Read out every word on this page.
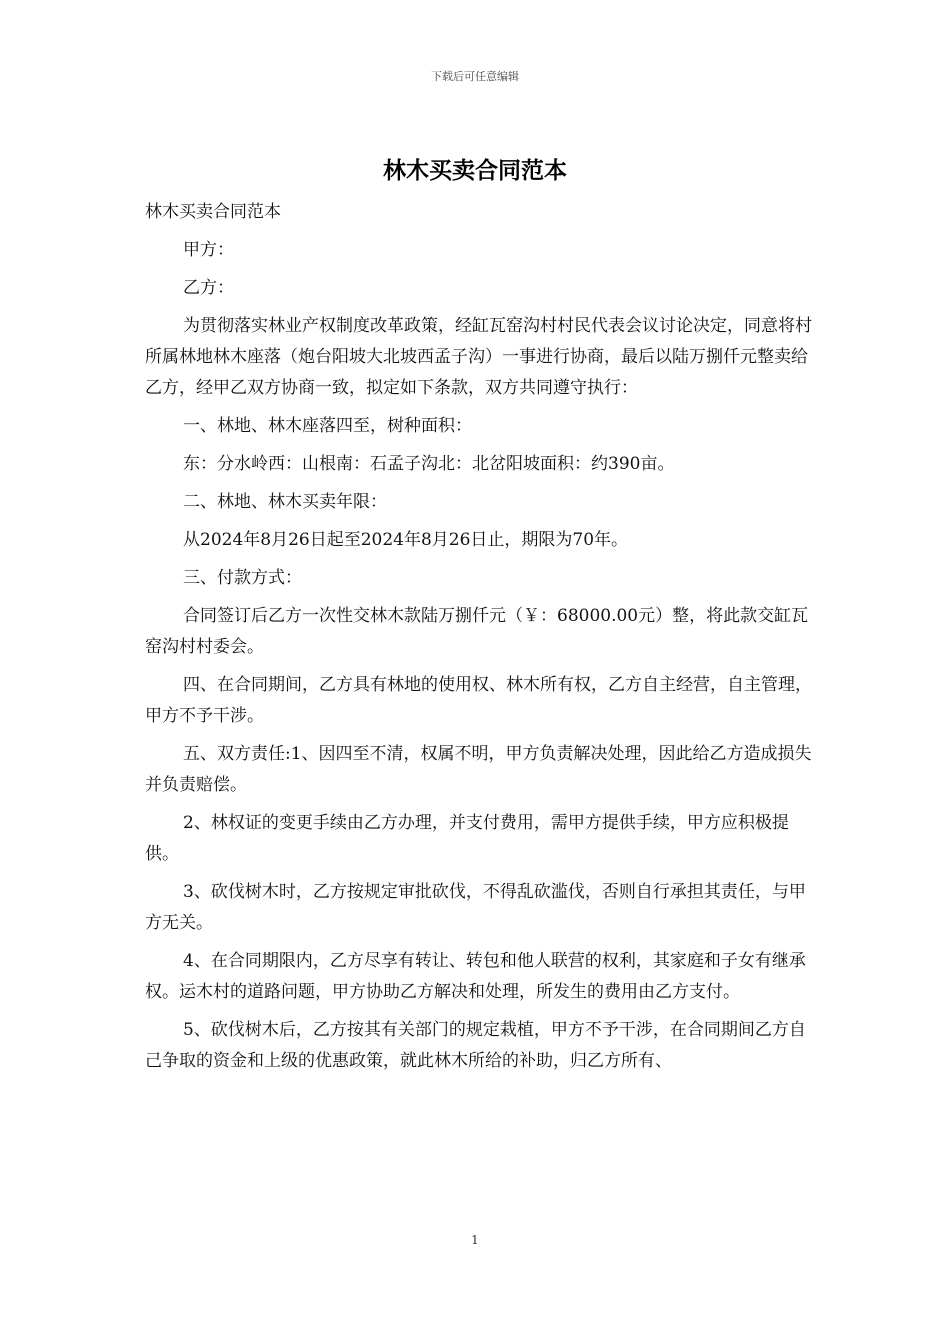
下载后可任意编辑
林木买卖合同范本

林木买卖合同范本

甲方：

乙方：

为贯彻落实林业产权制度改革政策，经缸瓦窑沟村村民代表会议讨论决定，同意将村所属林地林木座落（炮台阳坡大北坡西孟子沟）一事进行协商，最后以陆万捌仟元整卖给乙方，经甲乙双方协商一致，拟定如下条款，双方共同遵守执行：

一、林地、林木座落四至，树种面积：

东：分水岭西：山根南：石孟子沟北：北岔阳坡面积：约390亩。

二、林地、林木买卖年限：

从2024年8月26日起至2024年8月26日止，期限为70年。

三、付款方式：

合同签订后乙方一次性交林木款陆万捌仟元（￥：68000.00元）整，将此款交缸瓦窑沟村村委会。

四、在合同期间，乙方具有林地的使用权、林木所有权，乙方自主经营，自主管理，甲方不予干涉。

五、双方责任:1、因四至不清，权属不明，甲方负责解决处理，因此给乙方造成损失并负责赔偿。

2、林权证的变更手续由乙方办理，并支付费用，需甲方提供手续，甲方应积极提供。

3、砍伐树木时，乙方按规定审批砍伐，不得乱砍滥伐，否则自行承担其责任，与甲方无关。

4、在合同期限内，乙方尽享有转让、转包和他人联营的权利，其家庭和子女有继承权。运木村的道路问题，甲方协助乙方解决和处理，所发生的费用由乙方支付。

5、砍伐树木后，乙方按其有关部门的规定栽植，甲方不予干涉，在合同期间乙方自己争取的资金和上级的优惠政策，就此林木所给的补助，归乙方所有、

1
